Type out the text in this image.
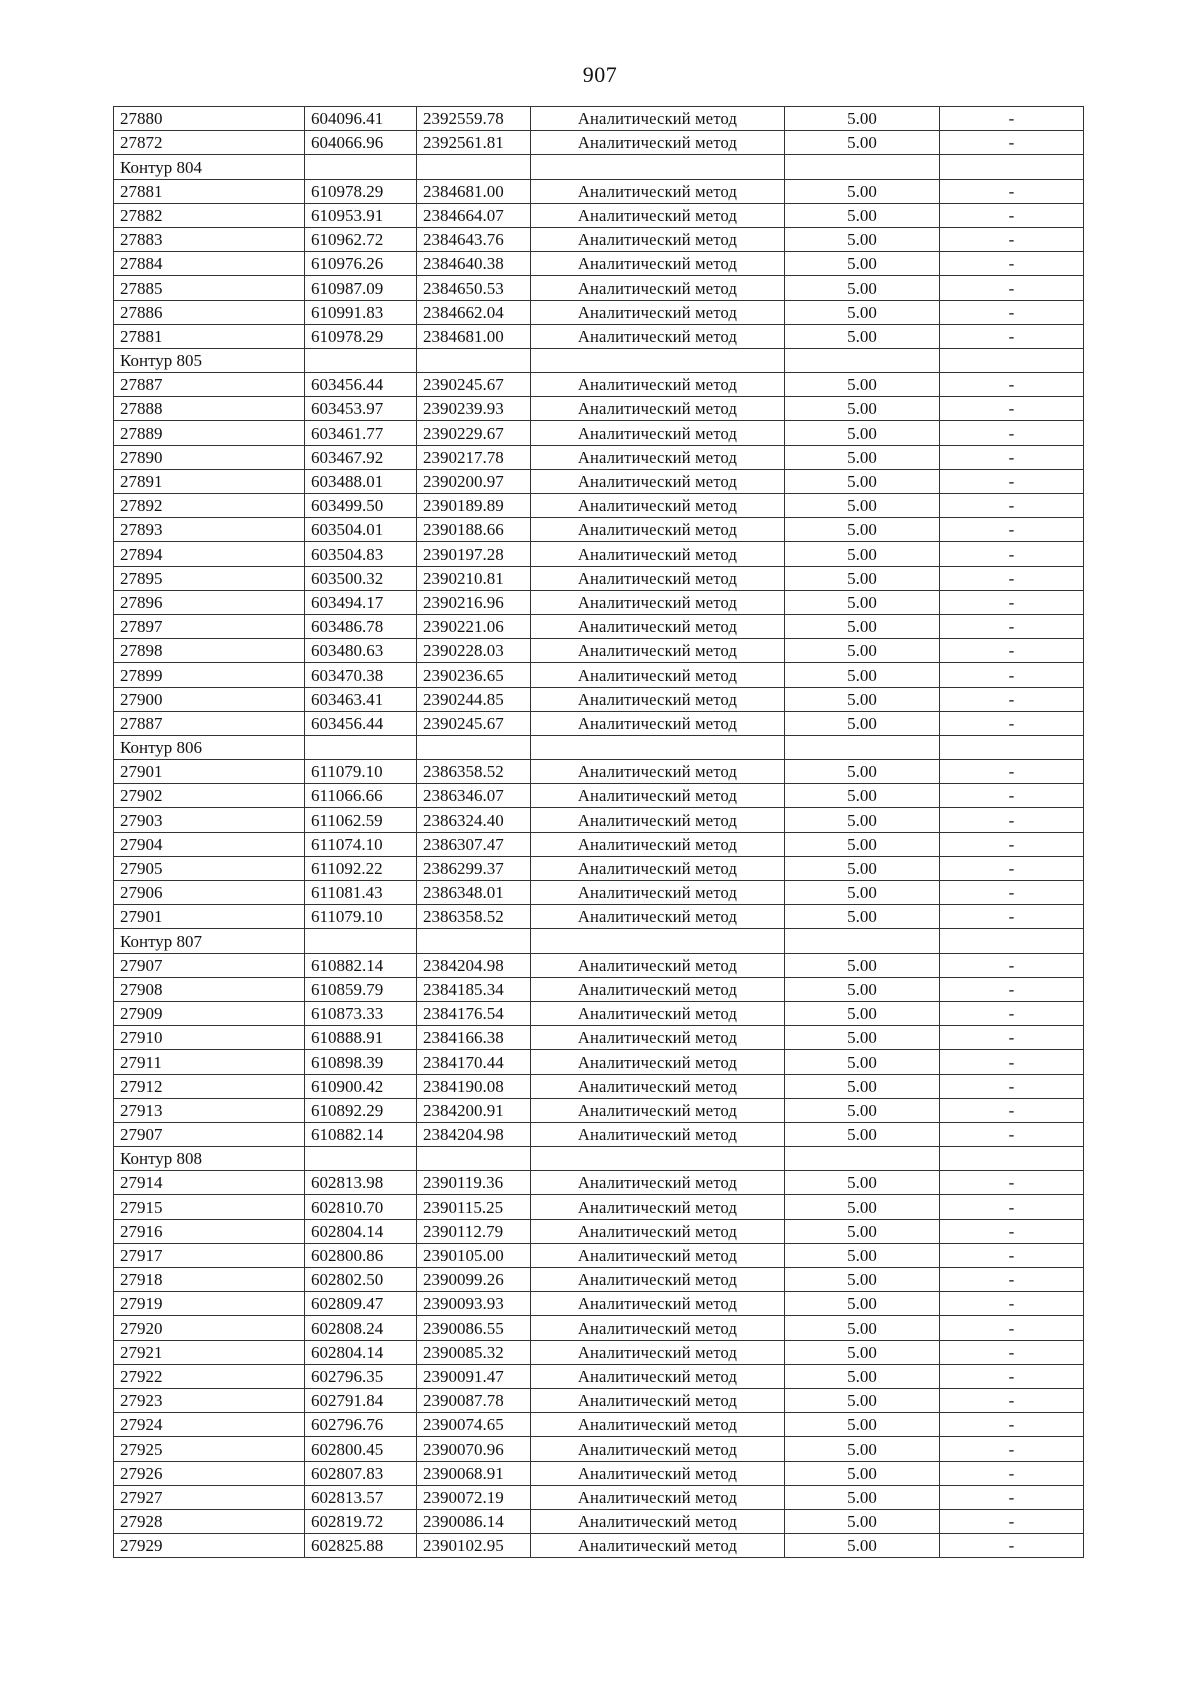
907
27880	604096.41	2392559.78	Аналитический метод	5.00	-
27872	604066.96	2392561.81	Аналитический метод	5.00	-
Контур 804					
27881	610978.29	2384681.00	Аналитический метод	5.00	-
27882	610953.91	2384664.07	Аналитический метод	5.00	-
27883	610962.72	2384643.76	Аналитический метод	5.00	-
27884	610976.26	2384640.38	Аналитический метод	5.00	-
27885	610987.09	2384650.53	Аналитический метод	5.00	-
27886	610991.83	2384662.04	Аналитический метод	5.00	-
27881	610978.29	2384681.00	Аналитический метод	5.00	-
Контур 805					
27887	603456.44	2390245.67	Аналитический метод	5.00	-
27888	603453.97	2390239.93	Аналитический метод	5.00	-
27889	603461.77	2390229.67	Аналитический метод	5.00	-
27890	603467.92	2390217.78	Аналитический метод	5.00	-
27891	603488.01	2390200.97	Аналитический метод	5.00	-
27892	603499.50	2390189.89	Аналитический метод	5.00	-
27893	603504.01	2390188.66	Аналитический метод	5.00	-
27894	603504.83	2390197.28	Аналитический метод	5.00	-
27895	603500.32	2390210.81	Аналитический метод	5.00	-
27896	603494.17	2390216.96	Аналитический метод	5.00	-
27897	603486.78	2390221.06	Аналитический метод	5.00	-
27898	603480.63	2390228.03	Аналитический метод	5.00	-
27899	603470.38	2390236.65	Аналитический метод	5.00	-
27900	603463.41	2390244.85	Аналитический метод	5.00	-
27887	603456.44	2390245.67	Аналитический метод	5.00	-
Контур 806					
27901	611079.10	2386358.52	Аналитический метод	5.00	-
27902	611066.66	2386346.07	Аналитический метод	5.00	-
27903	611062.59	2386324.40	Аналитический метод	5.00	-
27904	611074.10	2386307.47	Аналитический метод	5.00	-
27905	611092.22	2386299.37	Аналитический метод	5.00	-
27906	611081.43	2386348.01	Аналитический метод	5.00	-
27901	611079.10	2386358.52	Аналитический метод	5.00	-
Контур 807					
27907	610882.14	2384204.98	Аналитический метод	5.00	-
27908	610859.79	2384185.34	Аналитический метод	5.00	-
27909	610873.33	2384176.54	Аналитический метод	5.00	-
27910	610888.91	2384166.38	Аналитический метод	5.00	-
27911	610898.39	2384170.44	Аналитический метод	5.00	-
27912	610900.42	2384190.08	Аналитический метод	5.00	-
27913	610892.29	2384200.91	Аналитический метод	5.00	-
27907	610882.14	2384204.98	Аналитический метод	5.00	-
Контур 808					
27914	602813.98	2390119.36	Аналитический метод	5.00	-
27915	602810.70	2390115.25	Аналитический метод	5.00	-
27916	602804.14	2390112.79	Аналитический метод	5.00	-
27917	602800.86	2390105.00	Аналитический метод	5.00	-
27918	602802.50	2390099.26	Аналитический метод	5.00	-
27919	602809.47	2390093.93	Аналитический метод	5.00	-
27920	602808.24	2390086.55	Аналитический метод	5.00	-
27921	602804.14	2390085.32	Аналитический метод	5.00	-
27922	602796.35	2390091.47	Аналитический метод	5.00	-
27923	602791.84	2390087.78	Аналитический метод	5.00	-
27924	602796.76	2390074.65	Аналитический метод	5.00	-
27925	602800.45	2390070.96	Аналитический метод	5.00	-
27926	602807.83	2390068.91	Аналитический метод	5.00	-
27927	602813.57	2390072.19	Аналитический метод	5.00	-
27928	602819.72	2390086.14	Аналитический метод	5.00	-
27929	602825.88	2390102.95	Аналитический метод	5.00	-
